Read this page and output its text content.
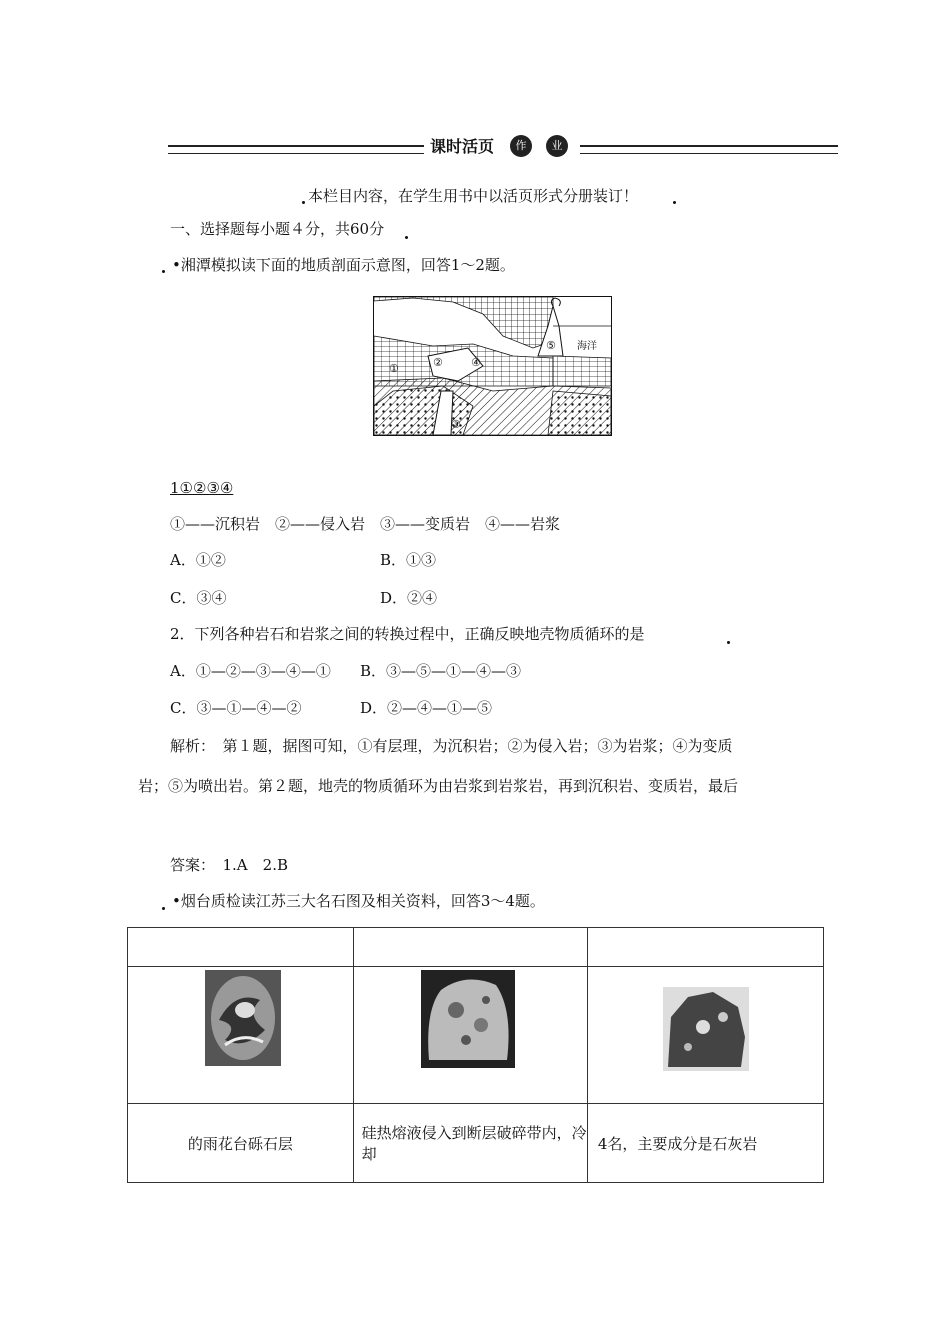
课时活页	作	业
本栏目内容，在学生用书中以活页形式分册装订！
一、选择题每小题４分，共60分
•湘潭模拟读下面的地质剖面示意图，回答1～2题。
海洋
①	②
③
④
⑤
1①②③④
①——沉积岩　②——侵入岩　③——变质岩　④——岩浆
A．①②	B．①③
C．③④	D．②④
2．下列各种岩石和岩浆之间的转换过程中，正确反映地壳物质循环的是
A．①—②—③—④—① B．③—⑤—①—④—③
C．③—①—④—②	D．②—④—①—⑤
解析：　第１题，据图可知，①有层理，为沉积岩；②为侵入岩；③为岩浆；④为变质
岩；⑤为喷出岩。第２题，地壳的物质循环为由岩浆到岩浆岩，再到沉积岩、变质岩，最后
答案：　1.A　2.B
•烟台质检读江苏三大名石图及相关资料，回答3～4题。

的雨花台砾石层	硅热熔液侵入到断层破碎带内，冷却	4名，主要成分是石灰岩
